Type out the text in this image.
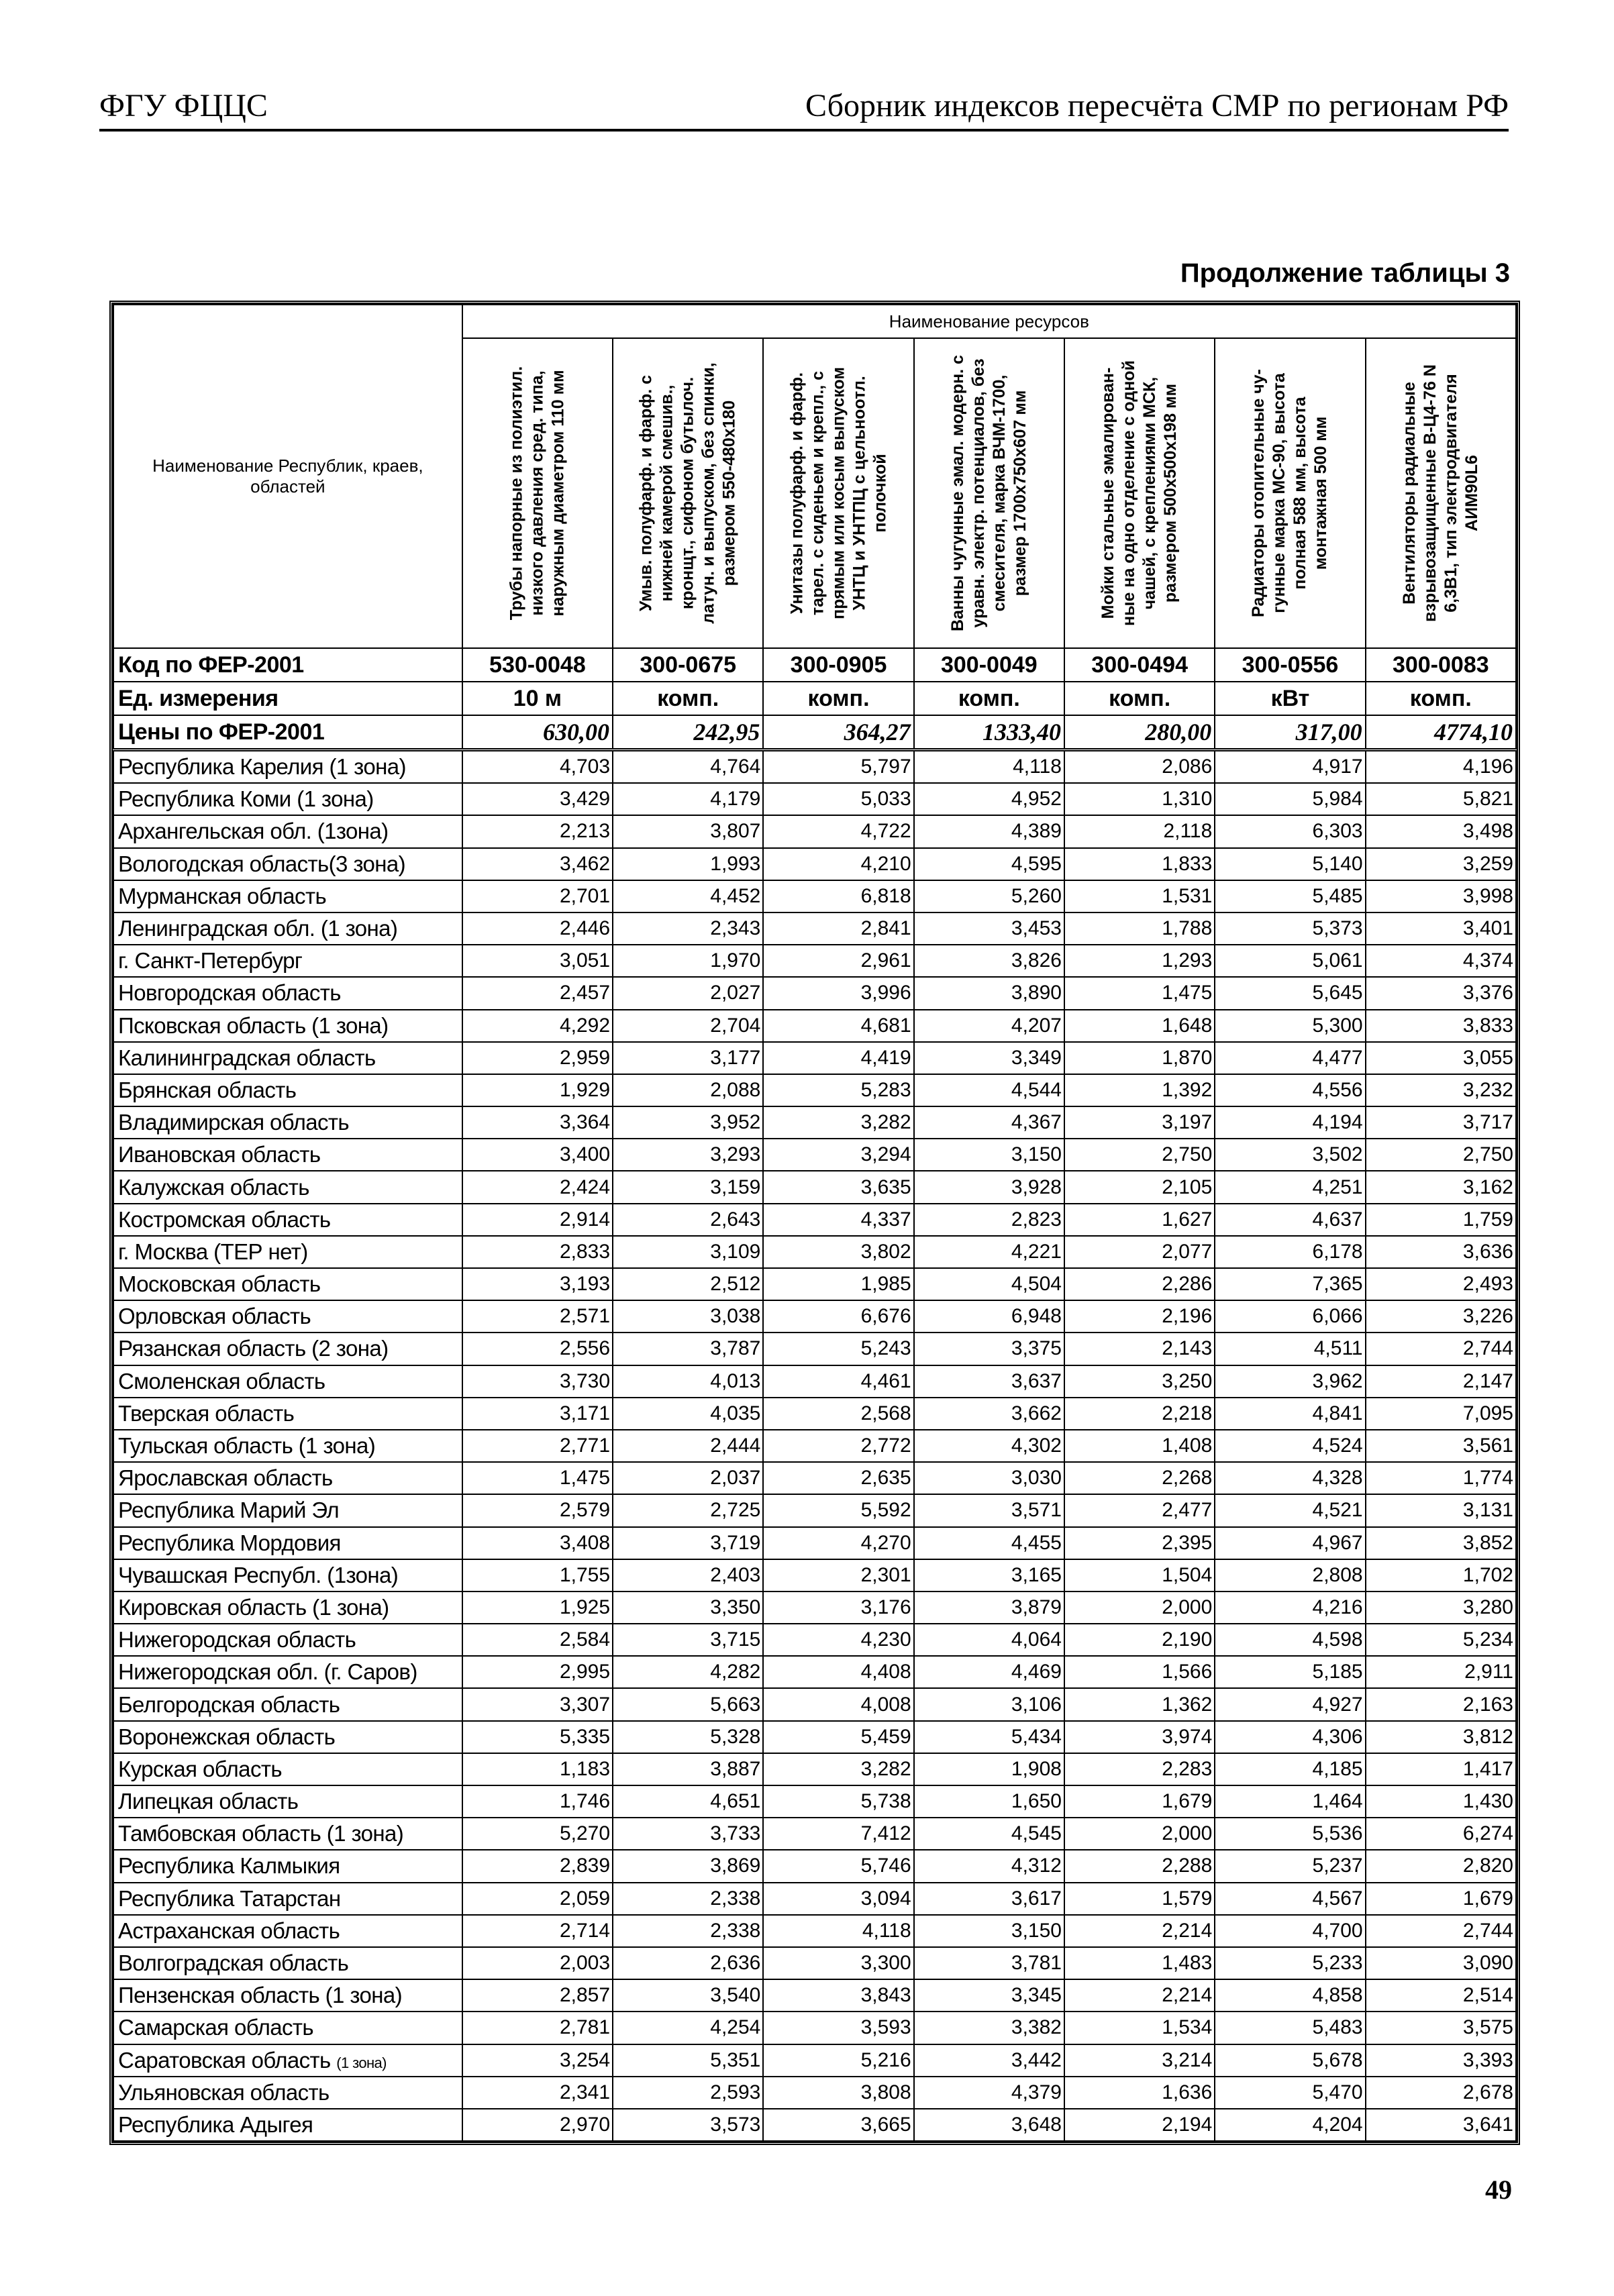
ФГУ ФЦЦС	Сборник индексов пересчёта СМР по регионам РФ
Продолжение таблицы 3
Наименование Республик, краев, областей	Наименование ресурсов						

	Трубы напорные из полиэтил. низкого давления сред. типа, наружным диаметром 110 мм	Умыв. полуфарф. и фарф. с нижней камерой смешив., кронщт., сифоном бутылоч. латун. и выпуском, без спинки, размером 550-480х180	Унитазы полуфарф. и фарф. тарел. с сиденьем и крепл., с прямым или косым выпуском УНТЦ и УНТПЦ с цельноотл. полочкой	Ванны чугунные эмал. модерн. с уравн. электр. потенциалов, без смесителя, марка ВЧМ-1700, размер 1700х750х607 мм	Мойки стальные эмалирован-ные на одно отделение с одной чашей, с креплениями МСК, размером 500х500х198 мм	Радиаторы отопительные чу-гунные марка МС-90, высота полная 588 мм, высота монтажная 500 мм	Вентиляторы радиальные взрывозащищенные В-Ц4-76 N 6,3В1, тип электродвигателя АИМ90L6

Код по ФЕР-2001	530-0048	300-0675	300-0905	300-0049	300-0494	300-0556	300-0083
Ед. измерения	10 м	комп.	комп.	комп.	комп.	кВт	комп.
Цены по ФЕР-2001	630,00	242,95	364,27	1333,40	280,00	317,00	4774,10
Республика Карелия (1 зона)	4,703	4,764	5,797	4,118	2,086	4,917	4,196
Республика Коми (1 зона)	3,429	4,179	5,033	4,952	1,310	5,984	5,821
Архангельская обл. (1зона)	2,213	3,807	4,722	4,389	2,118	6,303	3,498
Вологодская область(3 зона)	3,462	1,993	4,210	4,595	1,833	5,140	3,259
Мурманская область	2,701	4,452	6,818	5,260	1,531	5,485	3,998
Ленинградская обл. (1 зона)	2,446	2,343	2,841	3,453	1,788	5,373	3,401
г. Санкт-Петербург	3,051	1,970	2,961	3,826	1,293	5,061	4,374
Новгородская область	2,457	2,027	3,996	3,890	1,475	5,645	3,376
Псковская область (1 зона)	4,292	2,704	4,681	4,207	1,648	5,300	3,833
Калининградская область	2,959	3,177	4,419	3,349	1,870	4,477	3,055
Брянская область	1,929	2,088	5,283	4,544	1,392	4,556	3,232
Владимирская область	3,364	3,952	3,282	4,367	3,197	4,194	3,717
Ивановская область	3,400	3,293	3,294	3,150	2,750	3,502	2,750
Калужская область	2,424	3,159	3,635	3,928	2,105	4,251	3,162
Костромская область	2,914	2,643	4,337	2,823	1,627	4,637	1,759
г. Москва (ТЕР нет)	2,833	3,109	3,802	4,221	2,077	6,178	3,636
Московская область	3,193	2,512	1,985	4,504	2,286	7,365	2,493
Орловская область	2,571	3,038	6,676	6,948	2,196	6,066	3,226
Рязанская область (2 зона)	2,556	3,787	5,243	3,375	2,143	4,511	2,744
Смоленская область	3,730	4,013	4,461	3,637	3,250	3,962	2,147
Тверская область	3,171	4,035	2,568	3,662	2,218	4,841	7,095
Тульская область (1 зона)	2,771	2,444	2,772	4,302	1,408	4,524	3,561
Ярославская область	1,475	2,037	2,635	3,030	2,268	4,328	1,774
Республика Марий Эл	2,579	2,725	5,592	3,571	2,477	4,521	3,131
Республика Мордовия	3,408	3,719	4,270	4,455	2,395	4,967	3,852
Чувашская Республ. (1зона)	1,755	2,403	2,301	3,165	1,504	2,808	1,702
Кировская область (1 зона)	1,925	3,350	3,176	3,879	2,000	4,216	3,280
Нижегородская область	2,584	3,715	4,230	4,064	2,190	4,598	5,234
Нижегородская обл. (г. Саров)	2,995	4,282	4,408	4,469	1,566	5,185	2,911
Белгородская область	3,307	5,663	4,008	3,106	1,362	4,927	2,163
Воронежская область	5,335	5,328	5,459	5,434	3,974	4,306	3,812
Курская область	1,183	3,887	3,282	1,908	2,283	4,185	1,417
Липецкая область	1,746	4,651	5,738	1,650	1,679	1,464	1,430
Тамбовская область (1 зона)	5,270	3,733	7,412	4,545	2,000	5,536	6,274
Республика Калмыкия	2,839	3,869	5,746	4,312	2,288	5,237	2,820
Республика Татарстан	2,059	2,338	3,094	3,617	1,579	4,567	1,679
Астраханская область	2,714	2,338	4,118	3,150	2,214	4,700	2,744
Волгоградская область	2,003	2,636	3,300	3,781	1,483	5,233	3,090
Пензенская область (1 зона)	2,857	3,540	3,843	3,345	2,214	4,858	2,514
Самарская область	2,781	4,254	3,593	3,382	1,534	5,483	3,575
Саратовская область (1 зона)	3,254	5,351	5,216	3,442	3,214	5,678	3,393
Ульяновская область	2,341	2,593	3,808	4,379	1,636	5,470	2,678
Республика Адыгея	2,970	3,573	3,665	3,648	2,194	4,204	3,641
49
